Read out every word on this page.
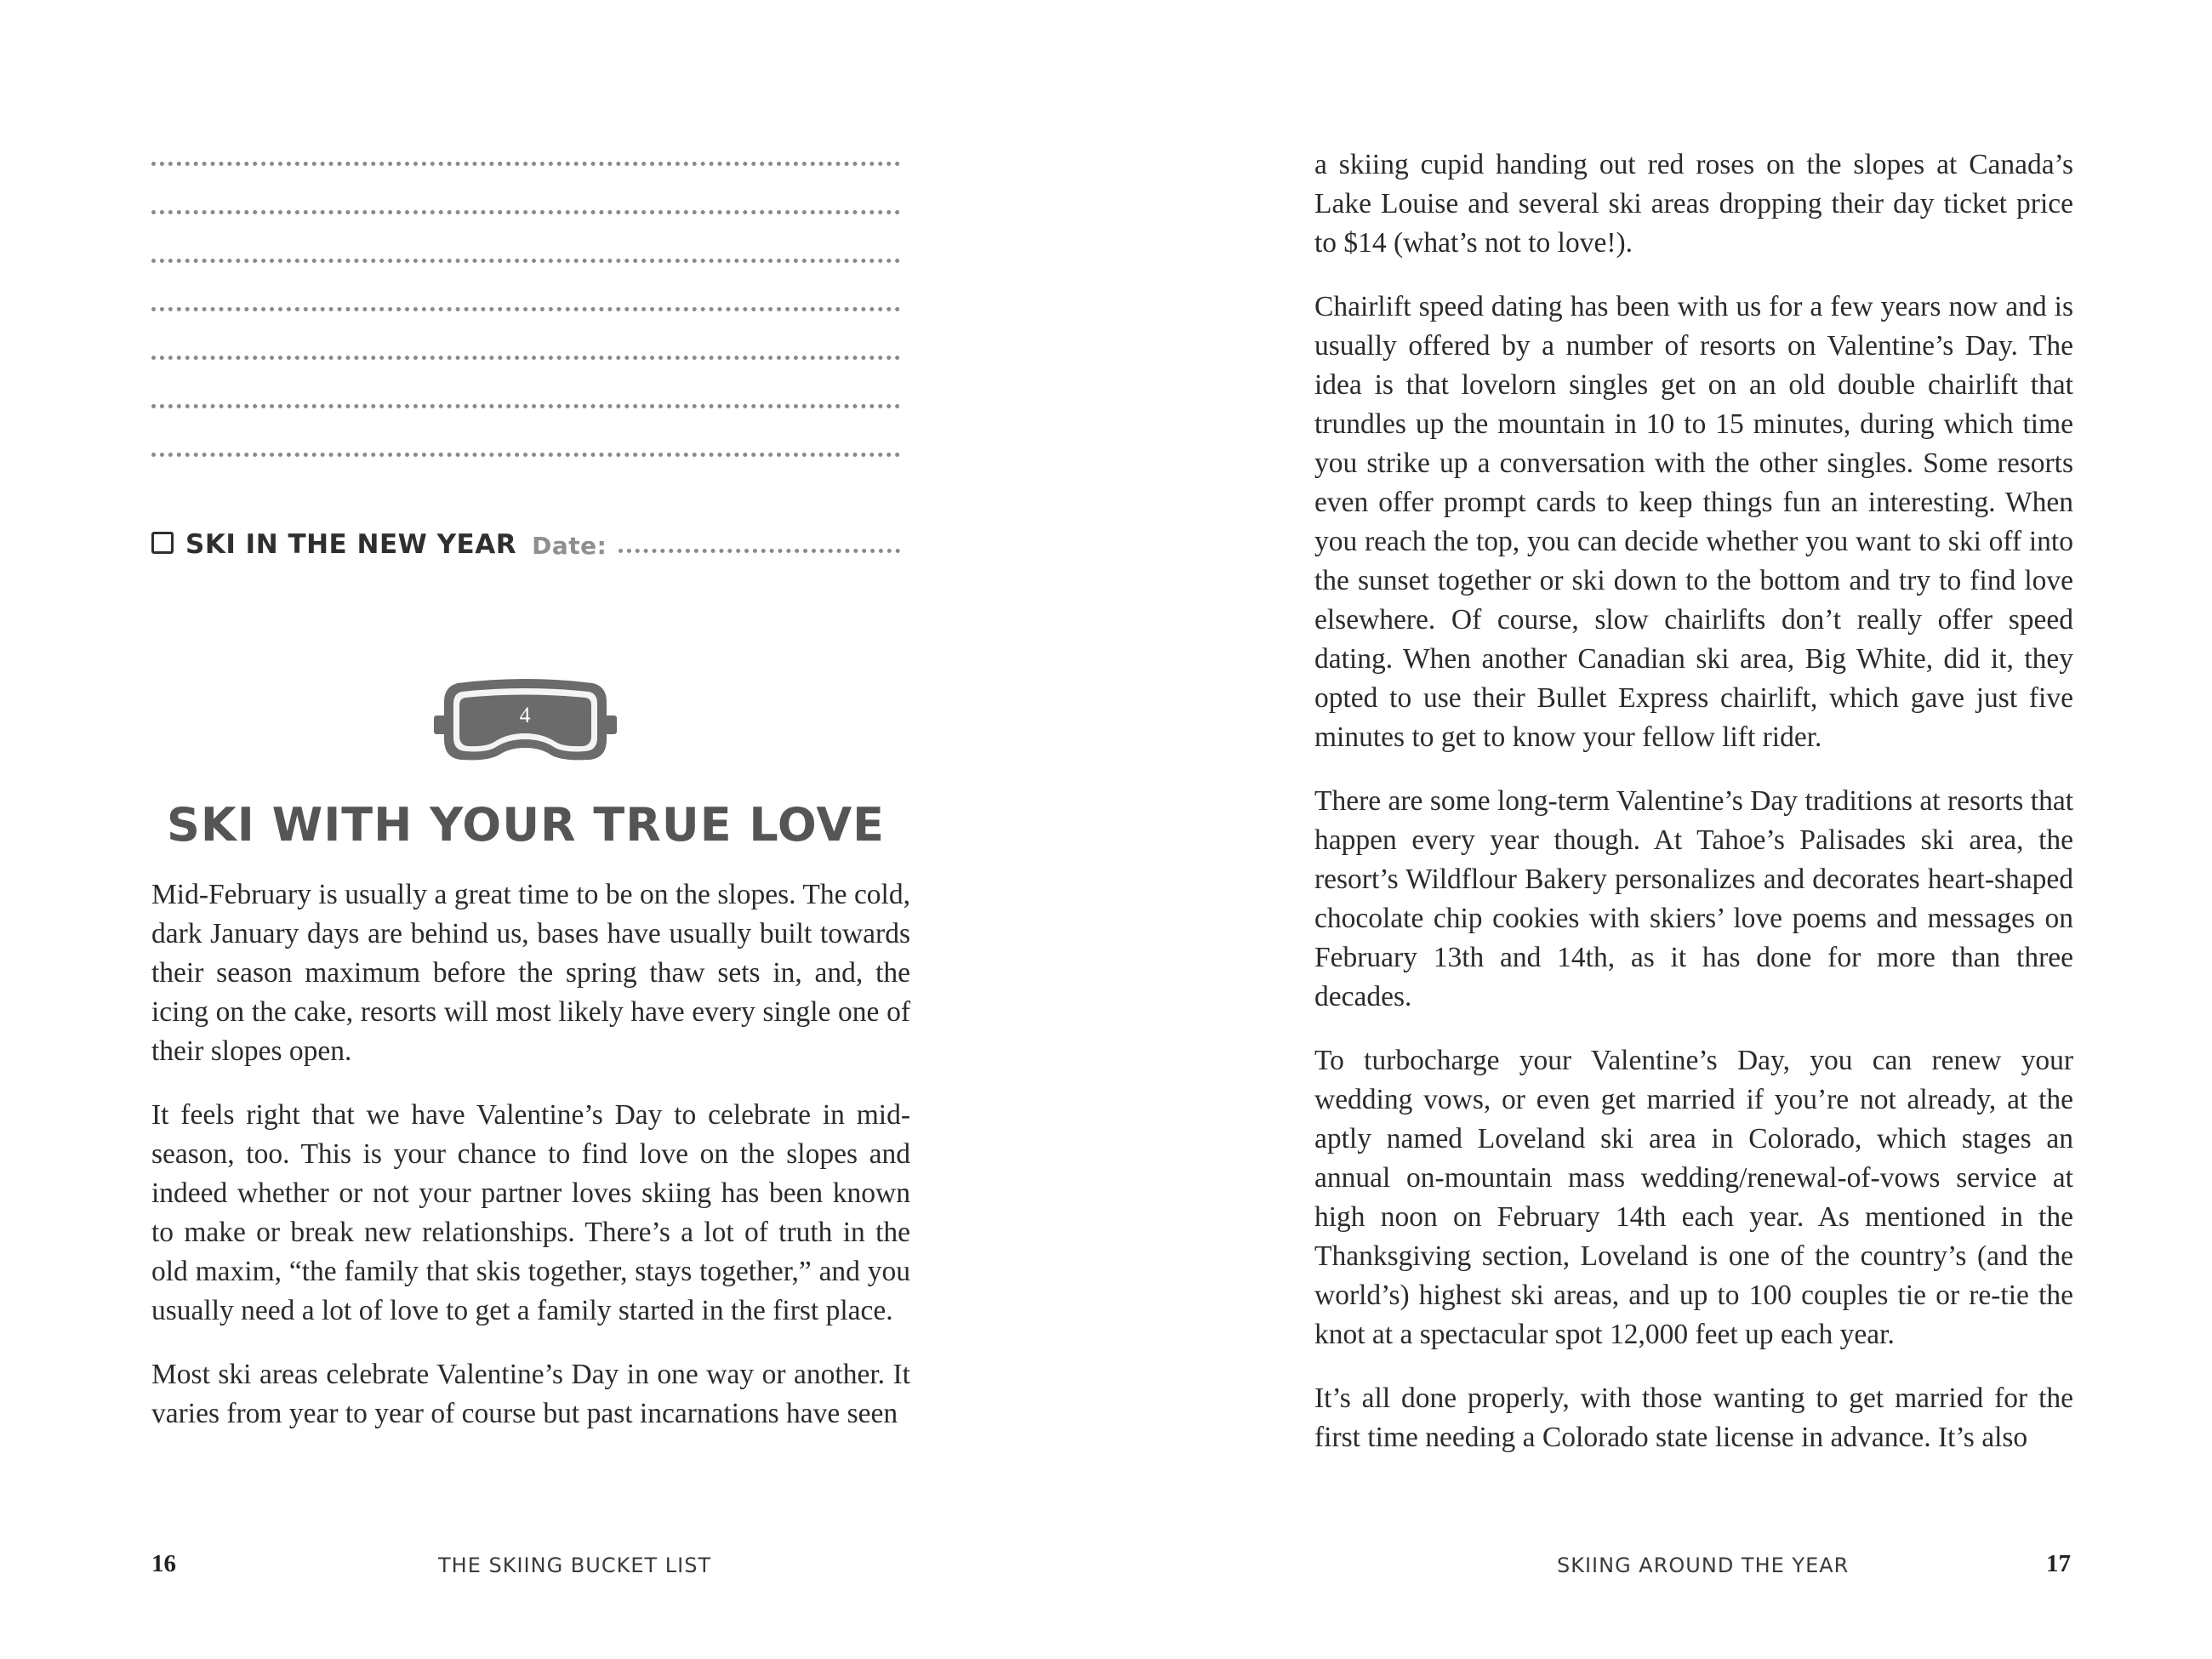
SKI IN THE NEW YEAR Date:
4
SKI WITH YOUR TRUE LOVE

Mid-February is usually a great time to be on the slopes. The cold, dark January days are behind us, bases have usually built towards their season maximum before the spring thaw sets in, and, the icing on the cake, resorts will most likely have every single one of their slopes open.

It feels right that we have Valentine’s Day to celebrate in mid-season, too. This is your chance to find love on the slopes and indeed whether or not your partner loves skiing has been known to make or break new relationships. There’s a lot of truth in the old maxim, “the family that skis together, stays together,” and you usually need a lot of love to get a family started in the first place.

Most ski areas celebrate Valentine’s Day in one way or another. It varies from year to year of course but past incarnations have seen

16	THE SKIING BUCKET LIST

a skiing cupid handing out red roses on the slopes at Canada’s Lake Louise and several ski areas dropping their day ticket price to $14 (what’s not to love!).

Chairlift speed dating has been with us for a few years now and is usually offered by a number of resorts on Valentine’s Day. The idea is that lovelorn singles get on an old double chairlift that trundles up the mountain in 10 to 15 minutes, during which time you strike up a conversation with the other singles. Some resorts even offer prompt cards to keep things fun an interesting. When you reach the top, you can decide whether you want to ski off into the sunset together or ski down to the bottom and try to find love elsewhere. Of course, slow chairlifts don’t really offer speed dating. When another Canadian ski area, Big White, did it, they opted to use their Bullet Express chairlift, which gave just five minutes to get to know your fellow lift rider.

There are some long-term Valentine’s Day traditions at resorts that happen every year though. At Tahoe’s Palisades ski area, the resort’s Wildflour Bakery personalizes and decorates heart-shaped chocolate chip cookies with skiers’ love poems and messages on February 13th and 14th, as it has done for more than three decades.

To turbocharge your Valentine’s Day, you can renew your wedding vows, or even get married if you’re not already, at the aptly named Loveland ski area in Colorado, which stages an annual on-mountain mass wedding/renewal-of-vows service at high noon on February 14th each year. As mentioned in the Thanksgiving section, Loveland is one of the country’s (and the world’s) highest ski areas, and up to 100 couples tie or re-tie the knot at a spectacular spot 12,000 feet up each year.

It’s all done properly, with those wanting to get married for the first time needing a Colorado state license in advance. It’s also

SKIING AROUND THE YEAR	17
